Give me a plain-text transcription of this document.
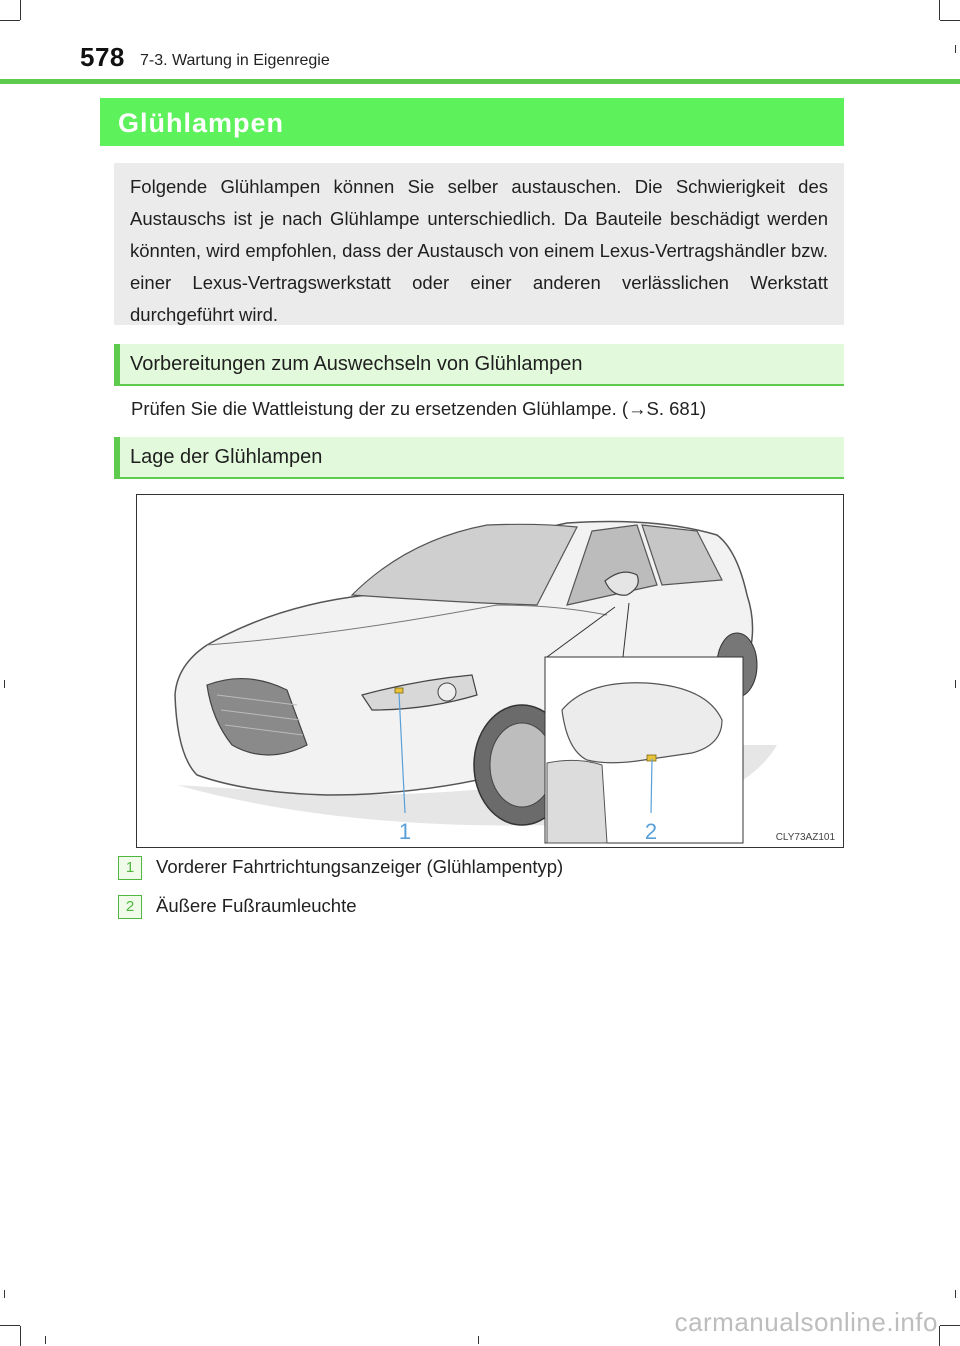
578 7-3. Wartung in Eigenregie
Glühlampen
Folgende Glühlampen können Sie selber austauschen. Die Schwierigkeit des Austauschs ist je nach Glühlampe unterschiedlich. Da Bauteile beschädigt werden könnten, wird empfohlen, dass der Austausch von einem Lexus-Vertragshändler bzw. einer Lexus-Vertragswerkstatt oder einer anderen verlässlichen Werkstatt durchgeführt wird.
Vorbereitungen zum Auswechseln von Glühlampen
Prüfen Sie die Wattleistung der zu ersetzenden Glühlampe. (→S. 681)
Lage der Glühlampen
1	2	CLY73AZ101
1 Vorderer Fahrtrichtungsanzeiger (Glühlampentyp)
2 Äußere Fußraumleuchte
carmanualsonline.info
